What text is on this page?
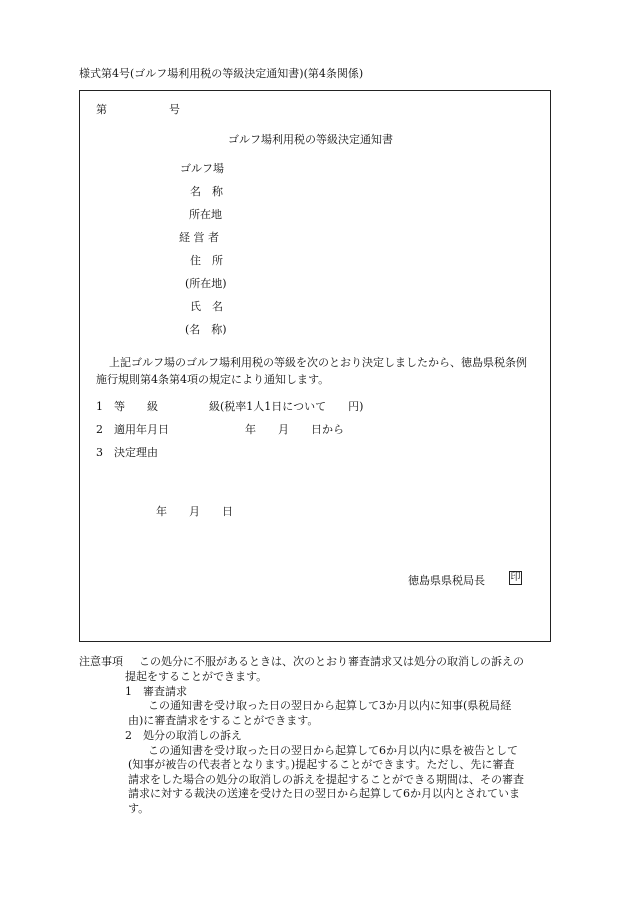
様式第4号(ゴルフ場利用税の等級決定通知書)(第4条関係)
第	号
ゴルフ場利用税の等級決定通知書
ゴルフ場
名　称
所在地
経 営 者
住　所
(所在地)
氏　名
(名　称)
上記ゴルフ場のゴルフ場利用税の等級を次のとおり決定しましたから、徳島県税条例
施行規則第4条第4項の規定により通知します。
1 等　　級	級(税率1人1日について　　円)
2 適用年月日	年　　月　　日から
3 決定理由
年　　月　　日
徳島県県税局長	印
注意事項 この処分に不服があるときは、次のとおり審査請求又は処分の取消しの訴えの
提起をすることができます。
1　審査請求
この通知書を受け取った日の翌日から起算して3か月以内に知事(県税局経
由)に審査請求をすることができます。
2　処分の取消しの訴え
この通知書を受け取った日の翌日から起算して6か月以内に県を被告として
(知事が被告の代表者となります。)提起することができます。ただし、先に審査
請求をした場合の処分の取消しの訴えを提起することができる期間は、その審査
請求に対する裁決の送達を受けた日の翌日から起算して6か月以内とされていま
す。
